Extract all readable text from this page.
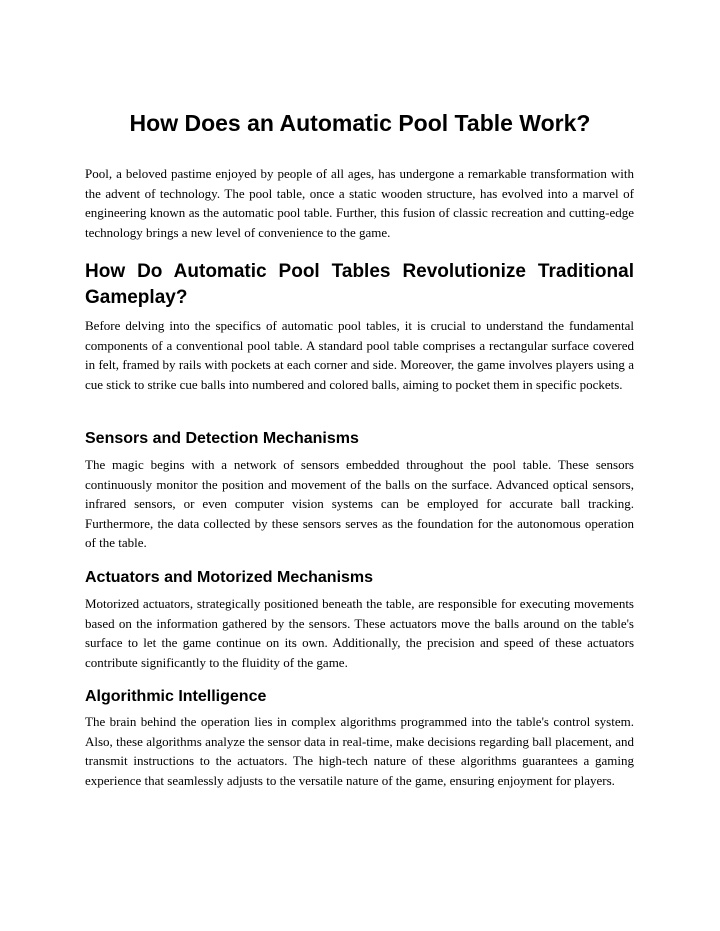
How Does an Automatic Pool Table Work?

Pool, a beloved pastime enjoyed by people of all ages, has undergone a remarkable transformation with the advent of technology. The pool table, once a static wooden structure, has evolved into a marvel of engineering known as the automatic pool table. Further, this fusion of classic recreation and cutting-edge technology brings a new level of convenience to the game.

How Do Automatic Pool Tables Revolutionize Traditional Gameplay?

Before delving into the specifics of automatic pool tables, it is crucial to understand the fundamental components of a conventional pool table. A standard pool table comprises a rectangular surface covered in felt, framed by rails with pockets at each corner and side. Moreover, the game involves players using a cue stick to strike cue balls into numbered and colored balls, aiming to pocket them in specific pockets.

Sensors and Detection Mechanisms

The magic begins with a network of sensors embedded throughout the pool table. These sensors continuously monitor the position and movement of the balls on the surface. Advanced optical sensors, infrared sensors, or even computer vision systems can be employed for accurate ball tracking. Furthermore, the data collected by these sensors serves as the foundation for the autonomous operation of the table.

Actuators and Motorized Mechanisms

Motorized actuators, strategically positioned beneath the table, are responsible for executing movements based on the information gathered by the sensors. These actuators move the balls around on the table's surface to let the game continue on its own. Additionally, the precision and speed of these actuators contribute significantly to the fluidity of the game.

Algorithmic Intelligence

The brain behind the operation lies in complex algorithms programmed into the table's control system. Also, these algorithms analyze the sensor data in real-time, make decisions regarding ball placement, and transmit instructions to the actuators. The high-tech nature of these algorithms guarantees a gaming experience that seamlessly adjusts to the versatile nature of the game, ensuring enjoyment for players.
